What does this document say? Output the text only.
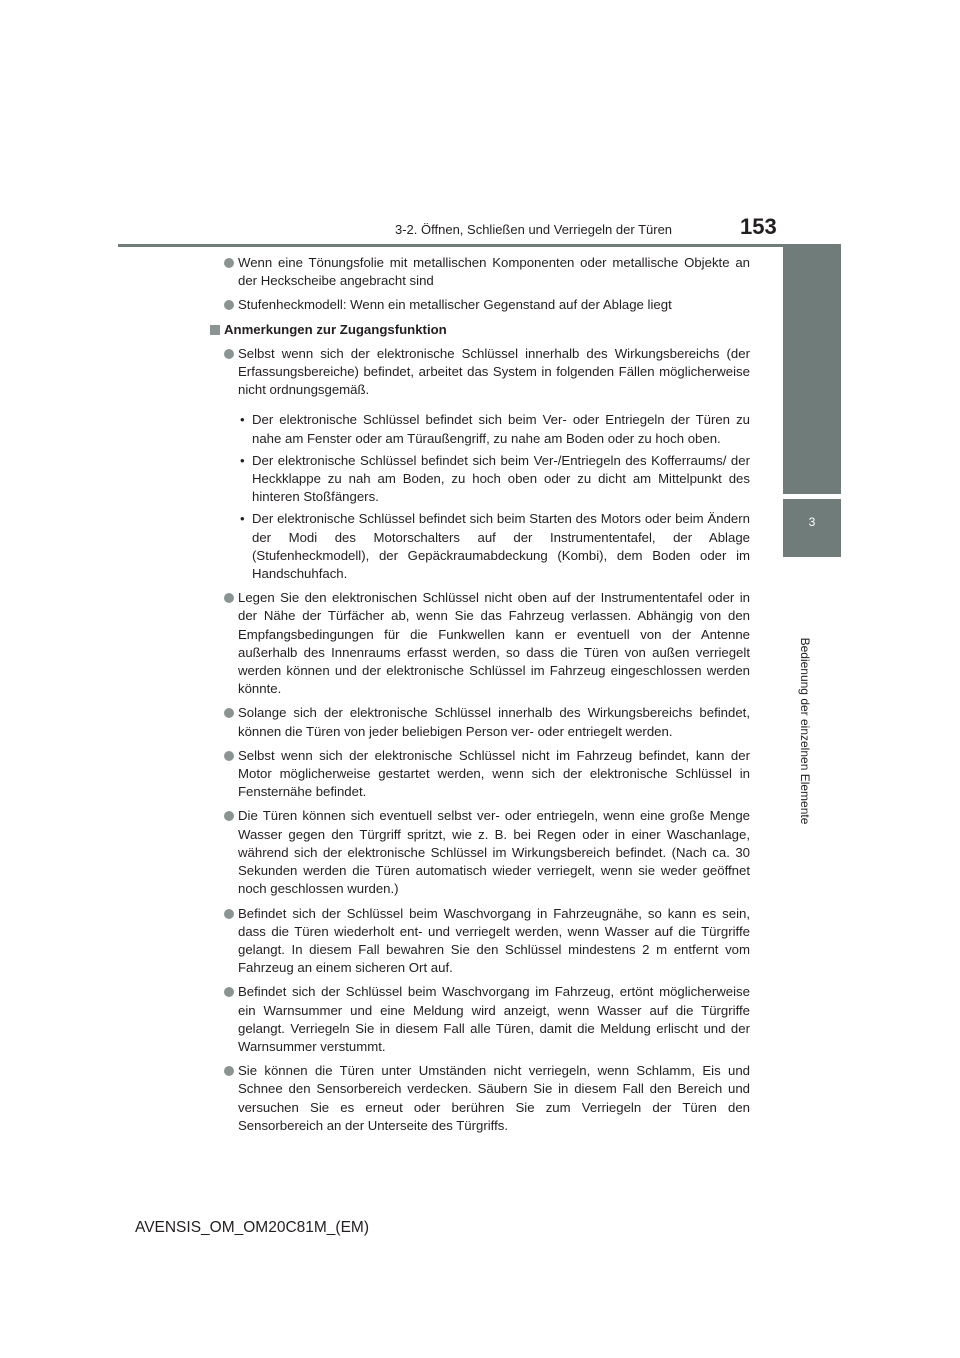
3-2. Öffnen, Schließen und Verriegeln der Türen	153
3
Bedienung der einzelnen Elemente
Wenn eine Tönungsfolie mit metallischen Komponenten oder metallische Objekte an der Heckscheibe angebracht sind
Stufenheckmodell: Wenn ein metallischer Gegenstand auf der Ablage liegt
Anmerkungen zur Zugangsfunktion
Selbst wenn sich der elektronische Schlüssel innerhalb des Wirkungsbereichs (der Erfassungsbereiche) befindet, arbeitet das System in folgenden Fällen möglicherweise nicht ordnungsgemäß.
• Der elektronische Schlüssel befindet sich beim Ver- oder Entriegeln der Türen zu nahe am Fenster oder am Türaußengriff, zu nahe am Boden oder zu hoch oben.
• Der elektronische Schlüssel befindet sich beim Ver-/Entriegeln des Kofferraums/ der Heckklappe zu nah am Boden, zu hoch oben oder zu dicht am Mittelpunkt des hinteren Stoßfängers.
• Der elektronische Schlüssel befindet sich beim Starten des Motors oder beim Ändern der Modi des Motorschalters auf der Instrumententafel, der Ablage (Stufenheckmodell), der Gepäckraumabdeckung (Kombi), dem Boden oder im Handschuhfach.
Legen Sie den elektronischen Schlüssel nicht oben auf der Instrumententafel oder in der Nähe der Türfächer ab, wenn Sie das Fahrzeug verlassen. Abhängig von den Empfangsbedingungen für die Funkwellen kann er eventuell von der Antenne außerhalb des Innenraums erfasst werden, so dass die Türen von außen verriegelt werden können und der elektronische Schlüssel im Fahrzeug eingeschlossen werden könnte.
Solange sich der elektronische Schlüssel innerhalb des Wirkungsbereichs befindet, können die Türen von jeder beliebigen Person ver- oder entriegelt werden.
Selbst wenn sich der elektronische Schlüssel nicht im Fahrzeug befindet, kann der Motor möglicherweise gestartet werden, wenn sich der elektronische Schlüssel in Fensternähe befindet.
Die Türen können sich eventuell selbst ver- oder entriegeln, wenn eine große Menge Wasser gegen den Türgriff spritzt, wie z. B. bei Regen oder in einer Waschanlage, während sich der elektronische Schlüssel im Wirkungsbereich befindet. (Nach ca. 30 Sekunden werden die Türen automatisch wieder verriegelt, wenn sie weder geöffnet noch geschlossen wurden.)
Befindet sich der Schlüssel beim Waschvorgang in Fahrzeugnähe, so kann es sein, dass die Türen wiederholt ent- und verriegelt werden, wenn Wasser auf die Türgriffe gelangt. In diesem Fall bewahren Sie den Schlüssel mindestens 2 m entfernt vom Fahrzeug an einem sicheren Ort auf.
Befindet sich der Schlüssel beim Waschvorgang im Fahrzeug, ertönt möglicherweise ein Warnsummer und eine Meldung wird anzeigt, wenn Wasser auf die Türgriffe gelangt. Verriegeln Sie in diesem Fall alle Türen, damit die Meldung erlischt und der Warnsummer verstummt.
Sie können die Türen unter Umständen nicht verriegeln, wenn Schlamm, Eis und Schnee den Sensorbereich verdecken. Säubern Sie in diesem Fall den Bereich und versuchen Sie es erneut oder berühren Sie zum Verriegeln der Türen den Sensorbereich an der Unterseite des Türgriffs.
AVENSIS_OM_OM20C81M_(EM)
